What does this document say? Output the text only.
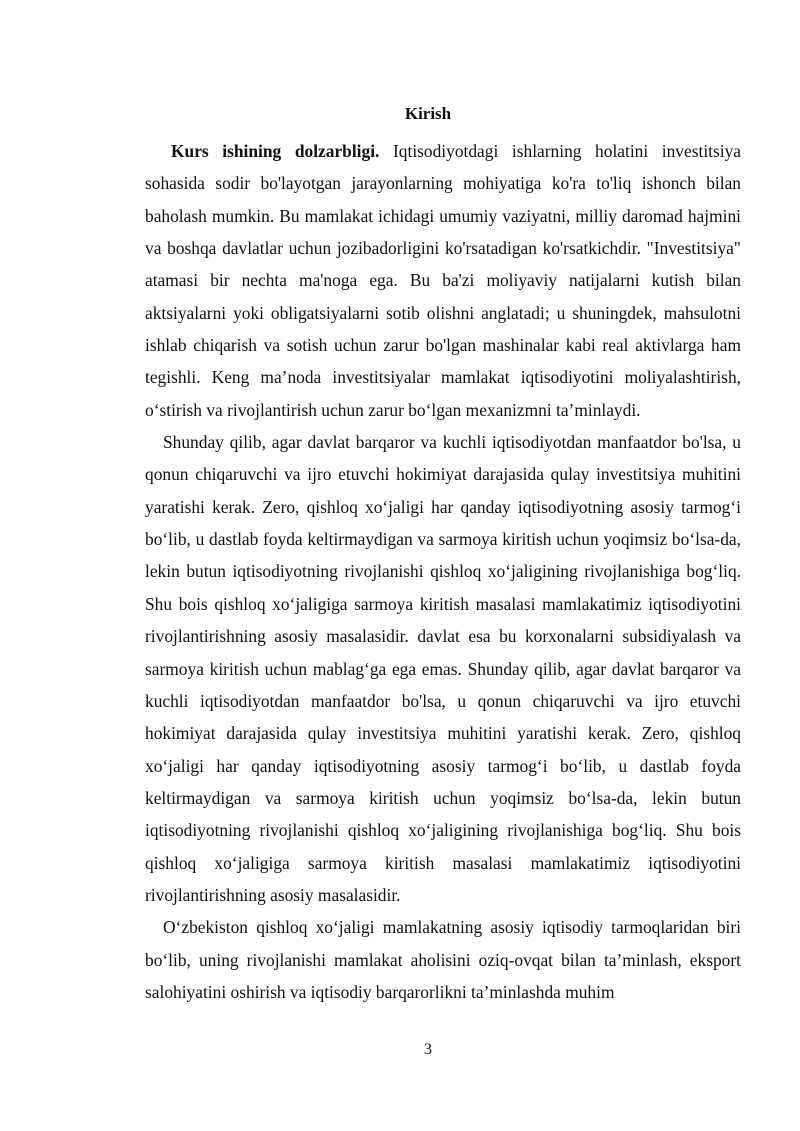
Kirish

Kurs ishining dolzarbligi. Iqtisodiyotdagi ishlarning holatini investitsiya sohasida sodir bo'layotgan jarayonlarning mohiyatiga ko'ra to'liq ishonch bilan baholash mumkin. Bu mamlakat ichidagi umumiy vaziyatni, milliy daromad hajmini va boshqa davlatlar uchun jozibadorligini ko'rsatadigan ko'rsatkichdir. "Investitsiya" atamasi bir nechta ma'noga ega. Bu ba'zi moliyaviy natijalarni kutish bilan aktsiyalarni yoki obligatsiyalarni sotib olishni anglatadi; u shuningdek, mahsulotni ishlab chiqarish va sotish uchun zarur bo'lgan mashinalar kabi real aktivlarga ham tegishli. Keng ma’noda investitsiyalar mamlakat iqtisodiyotini moliyalashtirish, o‘stirish va rivojlantirish uchun zarur bo‘lgan mexanizmni ta’minlaydi.

Shunday qilib, agar davlat barqaror va kuchli iqtisodiyotdan manfaatdor bo'lsa, u qonun chiqaruvchi va ijro etuvchi hokimiyat darajasida qulay investitsiya muhitini yaratishi kerak. Zero, qishloq xo‘jaligi har qanday iqtisodiyotning asosiy tarmog‘i bo‘lib, u dastlab foyda keltirmaydigan va sarmoya kiritish uchun yoqimsiz bo‘lsa-da, lekin butun iqtisodiyotning rivojlanishi qishloq xo‘jaligining rivojlanishiga bog‘liq. Shu bois qishloq xo‘jaligiga sarmoya kiritish masalasi mamlakatimiz iqtisodiyotini rivojlantirishning asosiy masalasidir. davlat esa bu korxonalarni subsidiyalash va sarmoya kiritish uchun mablag‘ga ega emas. Shunday qilib, agar davlat barqaror va kuchli iqtisodiyotdan manfaatdor bo'lsa, u qonun chiqaruvchi va ijro etuvchi hokimiyat darajasida qulay investitsiya muhitini yaratishi kerak. Zero, qishloq xo‘jaligi har qanday iqtisodiyotning asosiy tarmog‘i bo‘lib, u dastlab foyda keltirmaydigan va sarmoya kiritish uchun yoqimsiz bo‘lsa-da, lekin butun iqtisodiyotning rivojlanishi qishloq xo‘jaligining rivojlanishiga bog‘liq. Shu bois qishloq xo‘jaligiga sarmoya kiritish masalasi mamlakatimiz iqtisodiyotini rivojlantirishning asosiy masalasidir.

O‘zbekiston qishloq xo‘jaligi mamlakatning asosiy iqtisodiy tarmoqlaridan biri bo‘lib, uning rivojlanishi mamlakat aholisini oziq-ovqat bilan ta’minlash, eksport salohiyatini oshirish va iqtisodiy barqarorlikni ta’minlashda muhim

3
